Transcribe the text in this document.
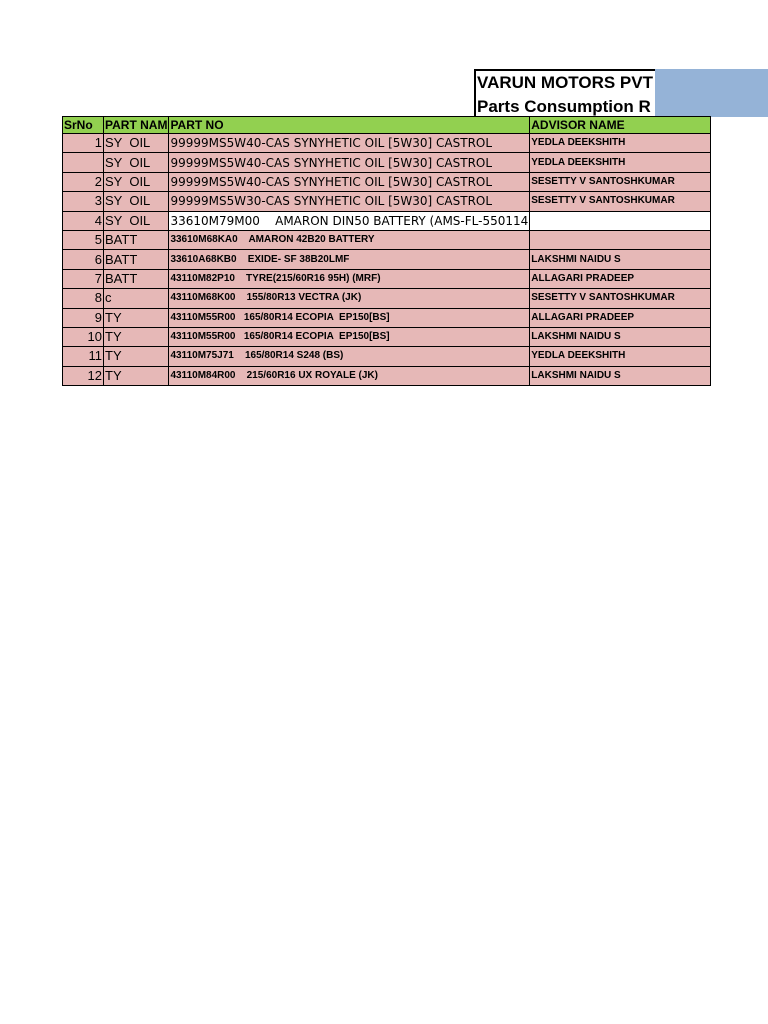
VARUN MOTORS PVT
Parts Consumption R
SrNo	PART NAM	PART NO	ADVISOR NAME
1	SY  OIL	99999MS5W40-CAS SYNYHETIC OIL [5W30] CASTROL	YEDLA DEEKSHITH
	SY  OIL	99999MS5W40-CAS SYNYHETIC OIL [5W30] CASTROL	YEDLA DEEKSHITH
2	SY  OIL	99999MS5W40-CAS SYNYHETIC OIL [5W30] CASTROL	SESETTY V SANTOSHKUMAR
3	SY  OIL	99999MS5W30-CAS SYNYHETIC OIL [5W30] CASTROL	SESETTY V SANTOSHKUMAR
4	SY  OIL	33610M79M00    AMARON DIN50 BATTERY (AMS-FL-550114	
5	BATT	33610M68KA0    AMARON 42B20 BATTERY	
6	BATT	33610A68KB0    EXIDE- SF 38B20LMF	LAKSHMI NAIDU S
7	BATT	43110M82P10    TYRE(215/60R16 95H) (MRF)	ALLAGARI PRADEEP
8	c	43110M68K00    155/80R13 VECTRA (JK)	SESETTY V SANTOSHKUMAR
9	TY	43110M55R00   165/80R14 ECOPIA  EP150[BS]	ALLAGARI PRADEEP
10	TY	43110M55R00   165/80R14 ECOPIA  EP150[BS]	LAKSHMI NAIDU S
11	TY	43110M75J71    165/80R14 S248 (BS)	YEDLA DEEKSHITH
12	TY	43110M84R00    215/60R16 UX ROYALE (JK)	LAKSHMI NAIDU S
